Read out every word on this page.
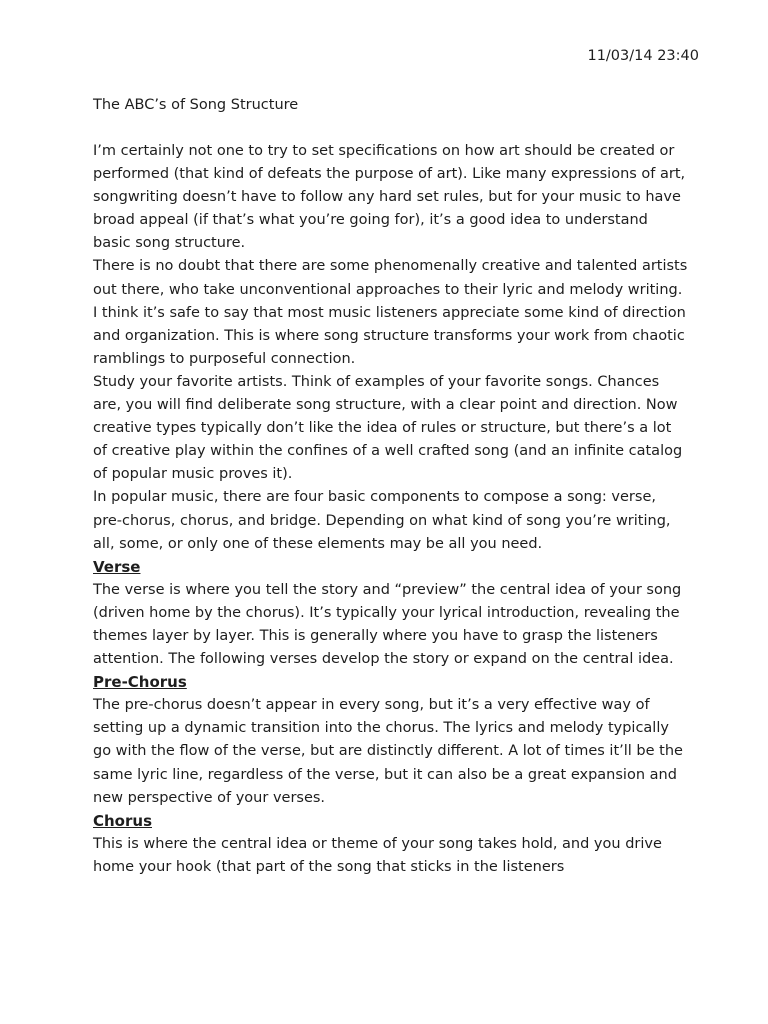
11/03/14 23:40
The ABC’s of Song Structure

I’m certainly not one to try to set specifications on how art should be created or performed (that kind of defeats the purpose of art). Like many expressions of art, songwriting doesn’t have to follow any hard set rules, but for your music to have broad appeal (if that’s what you’re going for), it’s a good idea to understand basic song structure.

There is no doubt that there are some phenomenally creative and talented artists out there, who take unconventional approaches to their lyric and melody writing. I think it’s safe to say that most music listeners appreciate some kind of direction and organization. This is where song structure transforms your work from chaotic ramblings to purposeful connection.

Study your favorite artists. Think of examples of your favorite songs. Chances are, you will find deliberate song structure, with a clear point and direction. Now creative types typically don’t like the idea of rules or structure, but there’s a lot of creative play within the confines of a well crafted song (and an infinite catalog of popular music proves it).

In popular music, there are four basic components to compose a song: verse, pre-chorus, chorus, and bridge. Depending on what kind of song you’re writing, all, some, or only one of these elements may be all you need.

Verse

The verse is where you tell the story and “preview” the central idea of your song (driven home by the chorus). It’s typically your lyrical introduction, revealing the themes layer by layer. This is generally where you have to grasp the listeners attention. The following verses develop the story or expand on the central idea.

Pre-Chorus

The pre-chorus doesn’t appear in every song, but it’s a very effective way of setting up a dynamic transition into the chorus. The lyrics and melody typically go with the flow of the verse, but are distinctly different. A lot of times it’ll be the same lyric line, regardless of the verse, but it can also be a great expansion and new perspective of your verses.

Chorus

This is where the central idea or theme of your song takes hold, and you drive home your hook (that part of the song that sticks in the listeners
